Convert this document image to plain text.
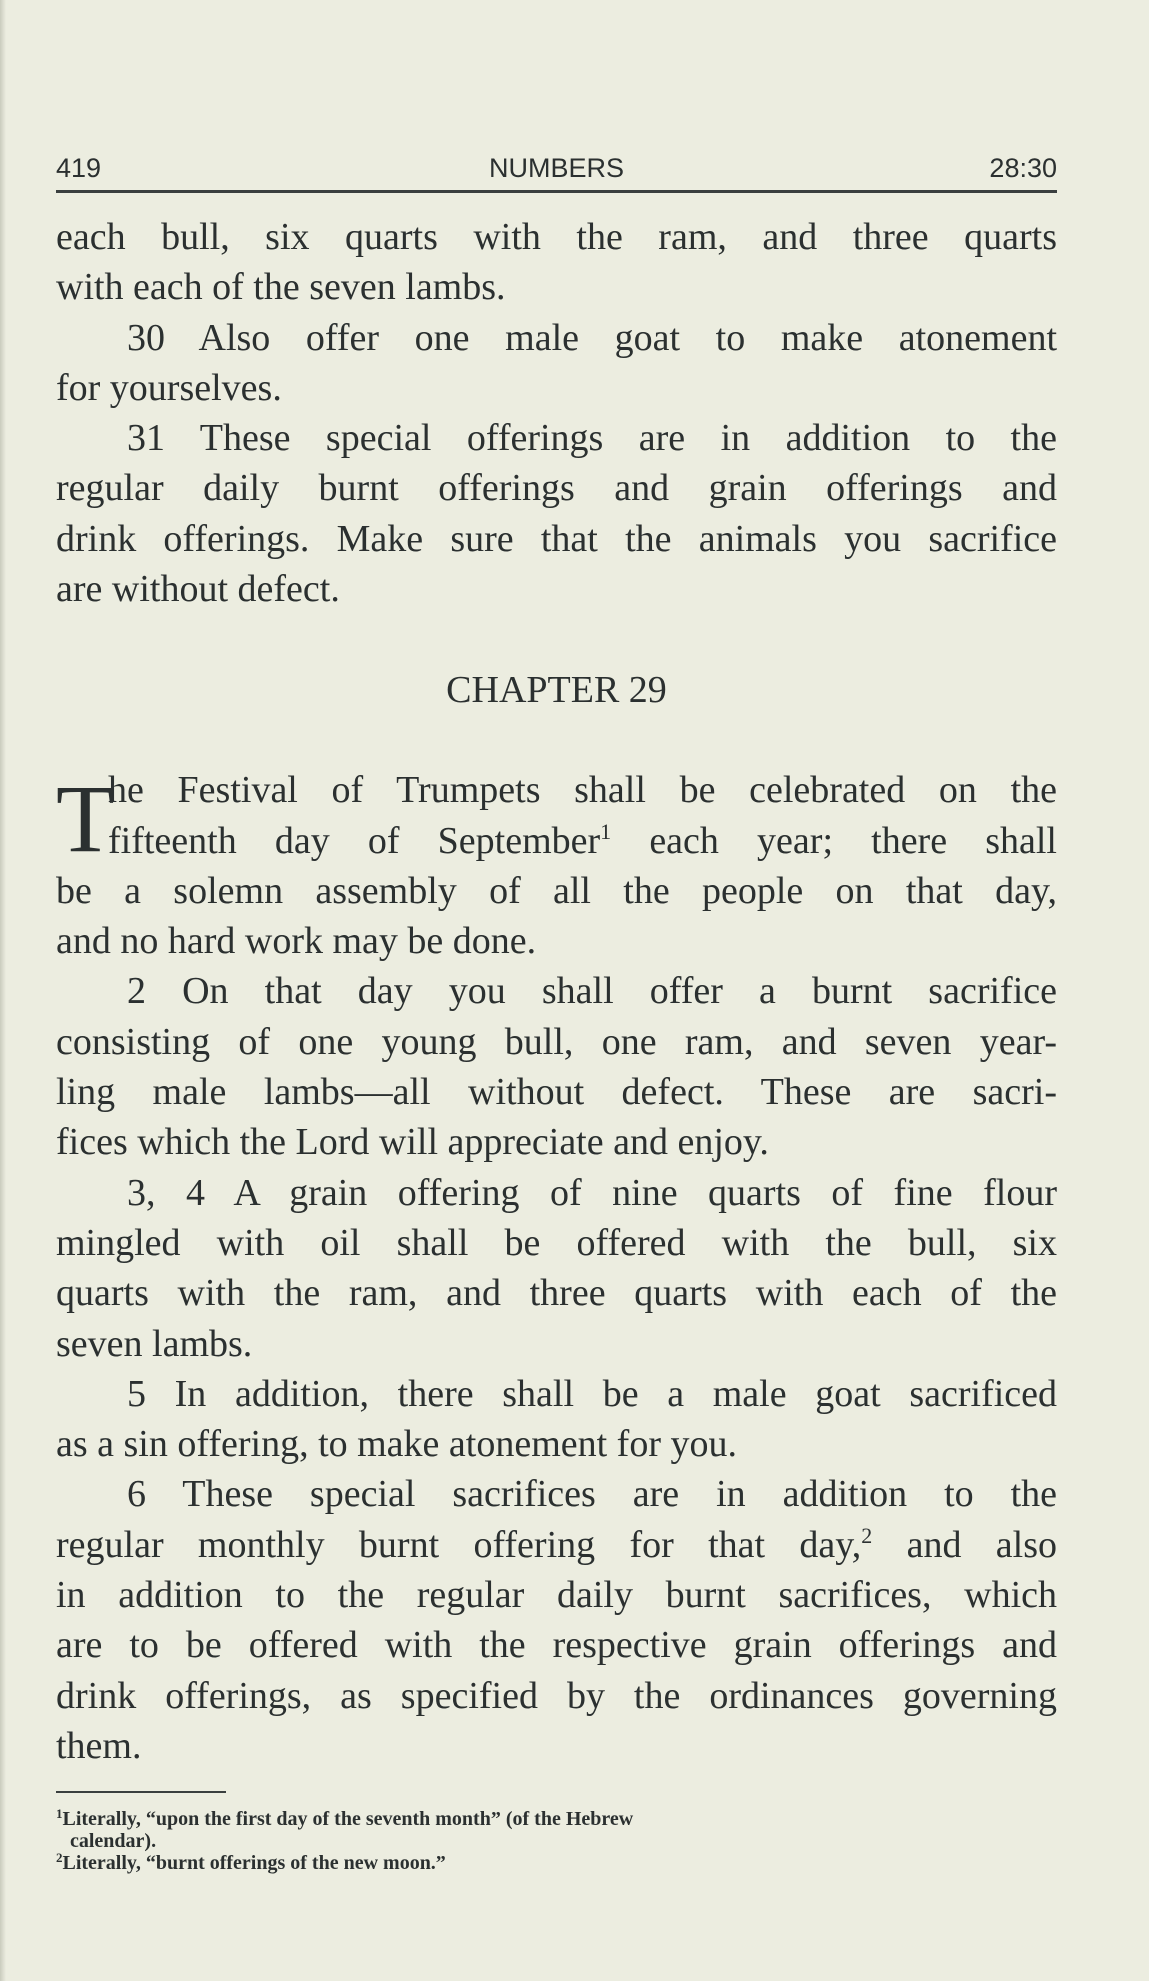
419	NUMBERS	28:30
each bull, six quarts with the ram, and three quarts
with each of the seven lambs.
30 Also offer one male goat to make atonement
for yourselves.
31 These special offerings are in addition to the
regular daily burnt offerings and grain offerings and
drink offerings. Make sure that the animals you sacrifice
are without defect.
CHAPTER 29
T
he Festival of Trumpets shall be celebrated on the
fifteenth day of September$^1$ each year; there shall
be a solemn assembly of all the people on that day,
and no hard work may be done.
2 On that day you shall offer a burnt sacrifice
consisting of one young bull, one ram, and seven year-
ling male lambs—all without defect. These are sacri-
fices which the Lord will appreciate and enjoy.
3, 4 A grain offering of nine quarts of fine flour
mingled with oil shall be offered with the bull, six
quarts with the ram, and three quarts with each of the
seven lambs.
5 In addition, there shall be a male goat sacrificed
as a sin offering, to make atonement for you.
6 These special sacrifices are in addition to the
regular monthly burnt offering for that day,$^2$ and also
in addition to the regular daily burnt sacrifices, which
are to be offered with the respective grain offerings and
drink offerings, as specified by the ordinances governing
them.
$^1$Literally, “upon the first day of the seventh month” (of the Hebrew
calendar).
$^2$Literally, “burnt offerings of the new moon.”
